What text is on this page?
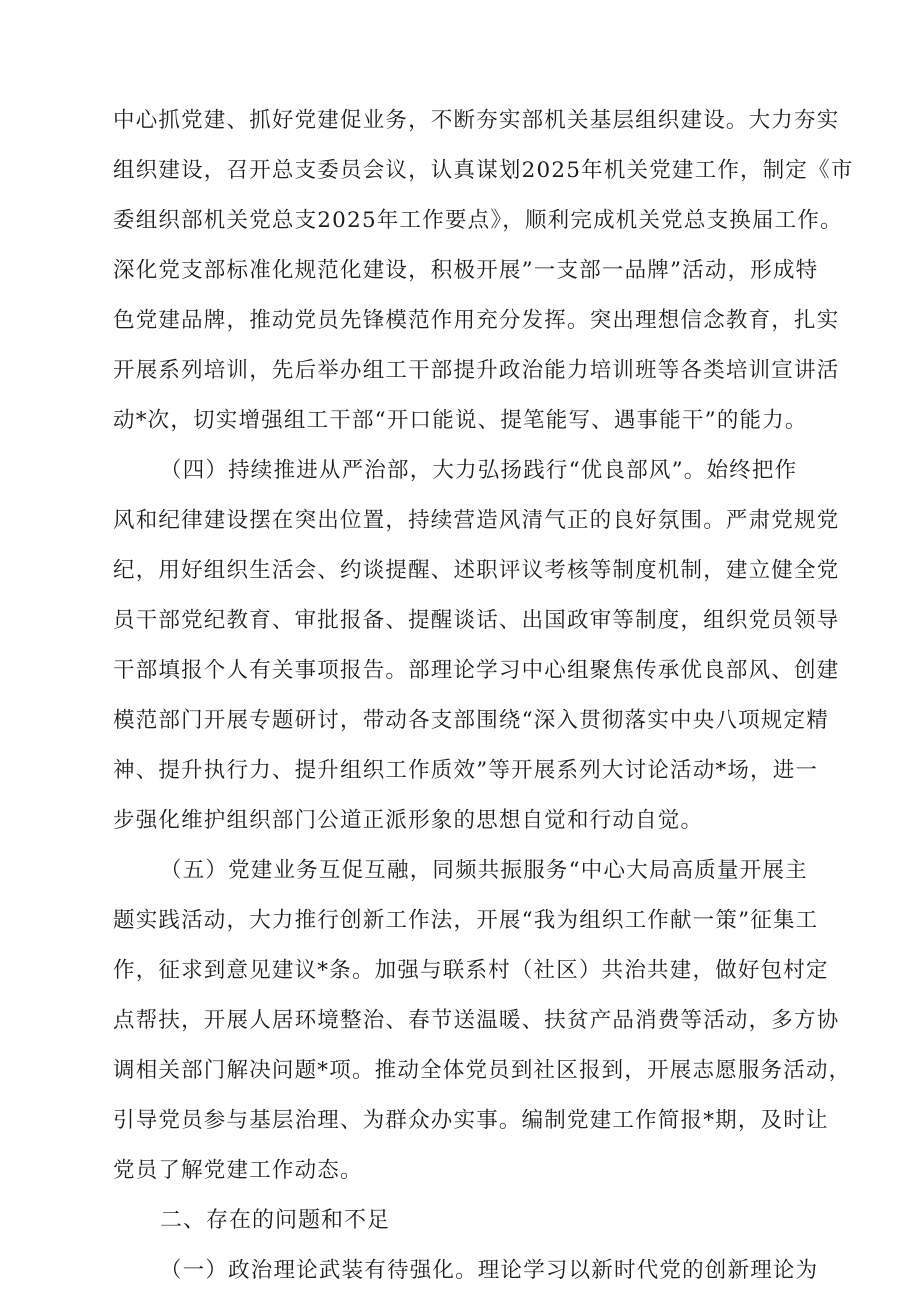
中心抓党建、抓好党建促业务，不断夯实部机关基层组织建设。大力夯实
组织建设，召开总支委员会议，认真谋划2025年机关党建工作，制定《市
委组织部机关党总支2025年工作要点》，顺利完成机关党总支换届工作。
深化党支部标准化规范化建设，积极开展”一支部一品牌”活动，形成特
色党建品牌，推动党员先锋模范作用充分发挥。突出理想信念教育，扎实
开展系列培训，先后举办组工干部提升政治能力培训班等各类培训宣讲活
动*次，切实增强组工干部“开口能说、提笔能写、遇事能干”的能力。
（四）持续推进从严治部，大力弘扬践行“优良部风”。始终把作
风和纪律建设摆在突出位置，持续营造风清气正的良好氛围。严肃党规党
纪，用好组织生活会、约谈提醒、述职评议考核等制度机制，建立健全党
员干部党纪教育、审批报备、提醒谈话、出国政审等制度，组织党员领导
干部填报个人有关事项报告。部理论学习中心组聚焦传承优良部风、创建
模范部门开展专题研讨，带动各支部围绕“深入贯彻落实中央八项规定精
神、提升执行力、提升组织工作质效”等开展系列大讨论活动*场，进一
步强化维护组织部门公道正派形象的思想自觉和行动自觉。
（五）党建业务互促互融，同频共振服务“中心大局高质量开展主
题实践活动，大力推行创新工作法，开展“我为组织工作献一策”征集工
作，征求到意见建议*条。加强与联系村（社区）共治共建，做好包村定
点帮扶，开展人居环境整治、春节送温暖、扶贫产品消费等活动，多方协
调相关部门解决问题*项。推动全体党员到社区报到，开展志愿服务活动，
引导党员参与基层治理、为群众办实事。编制党建工作简报*期，及时让
党员了解党建工作动态。
二、存在的问题和不足
（一）政治理论武装有待强化。理论学习以新时代党的创新理论为
